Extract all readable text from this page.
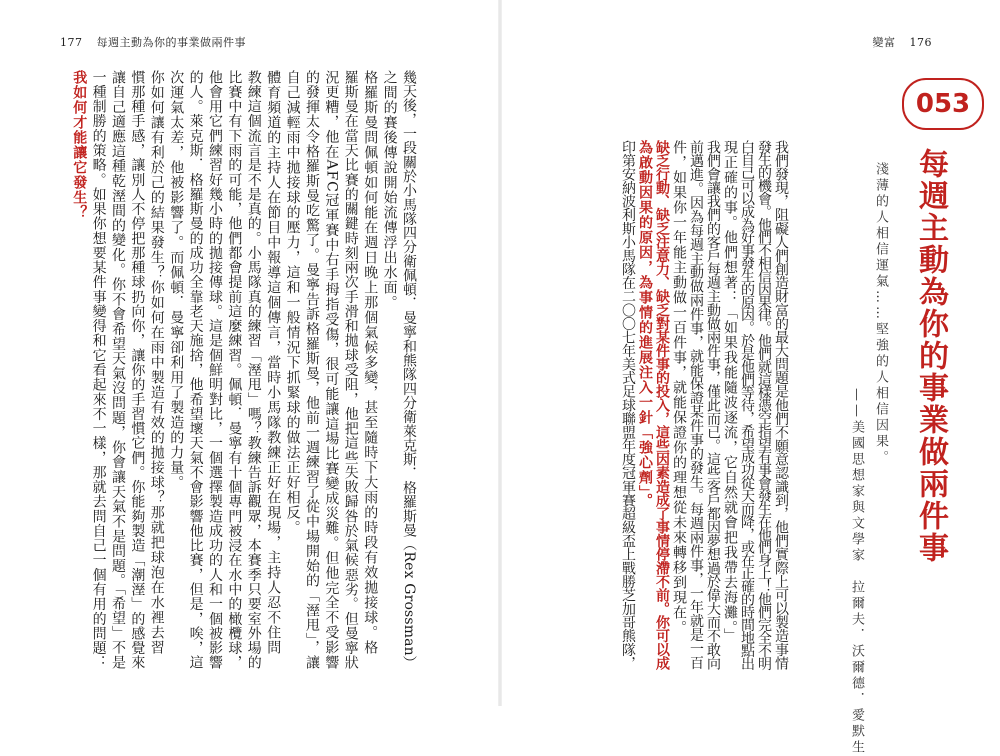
177 每週主動為你的事業做兩件事	變富 176
053
每週主動為你的事業做兩件事
淺薄的人相信運氣……堅強的人相信因果。
——美國思想家與文學家　拉爾夫．沃爾德．愛默生
我們發現，阻礙人們創造財富的最大問題是他們不願意認識到，他們實際上可以製造事情
發生的機會。他們不相信因果律。他們就這樣憑空指望有事會發生在他們身上！他們完全不明
白自己可以成為好事發生的原因。於是他們等待，希望成功從天而降，或在正確的時間地點出
現正確的事。他們想著：「如果我能隨波逐流，它自然就會把我帶去海灘。」
我們會讓我們的客戶每週主動做兩件事，僅此而已。這些客戶都因夢想過於偉大而不敢向
前邁進。因為每週主動做兩件事，就能保證某件事的發生。每週兩件事，一年就是一百
件，如果你一年能主動做一百件事，就能保證你的理想從未來轉移到現在。
缺乏行動、缺乏注意力、缺乏對某件事的投入，這些因素造成了事情停滯不前。你可以成
為啟動因果的原因，為事情的進展注入一針「強心劑」。
印第安納波利斯小馬隊在二〇〇七年美式足球聯盟年度冠軍賽超級盃上戰勝芝加哥熊隊，
幾天後，一段關於小馬隊四分衛佩頓．曼寧和熊隊四分衛萊克斯．格羅斯曼（Rex Grossman）
之間的賽後傳說開始流傳浮出水面。
格羅斯曼問佩頓如何能在週日晚上那個氣候多變，甚至隨時下大雨的時段有效拋接球。格
羅斯曼在當天比賽的關鍵時刻兩次手滑和拋球受阻，他把這些失敗歸咎於氣候惡劣。但曼寧狀
況更糟，他在AFC冠軍賽中右手拇指受傷，很可能讓這場比賽變成災難。但他完全不受影響
的發揮太令格羅斯曼吃驚了。曼寧告訴格羅斯曼，他前一週練習了從中場開始的「溼甩」，讓
自己減輕雨中拋接球的壓力，這和一般情況下抓緊球的做法正好相反。
體育頻道的主持人在節目中報導這個傳言，當時小馬隊教練正好在現場，主持人忍不住問
教練這個流言是不是真的。小馬隊真的練習「溼甩」嗎？教練告訴觀眾，本賽季只要室外場的
比賽中有下雨的可能，他們都會提前這麼練習。佩頓．曼寧有十個專門被浸在水中的橄欖球，
他會用它們練習好幾小時的拋接傳球。這是個鮮明對比，一個選擇製造成功的人和一個被影響
的人。萊克斯．格羅斯曼的成功全靠老天施捨，他希望壞天氣不會影響他比賽，但是，唉，這
次運氣太差，他被影響了。而佩頓．曼寧卻利用了製造的力量。
你如何讓有利於己的結果發生？你如何在雨中製造有效的拋接球？那就把球泡在水裡去習
慣那種手感，讓別人不停把那種球扔向你，讓你的手習慣它們。你能夠製造「潮溼」的感覺來
讓自己適應這種乾溼間的變化。你不會希望天氣沒問題，你會讓天氣不是問題。「希望」不是
一種制勝的策略。如果你想要某件事變得和它看起來不一樣，那就去問自己一個有用的問題：
我如何才能讓它發生？
